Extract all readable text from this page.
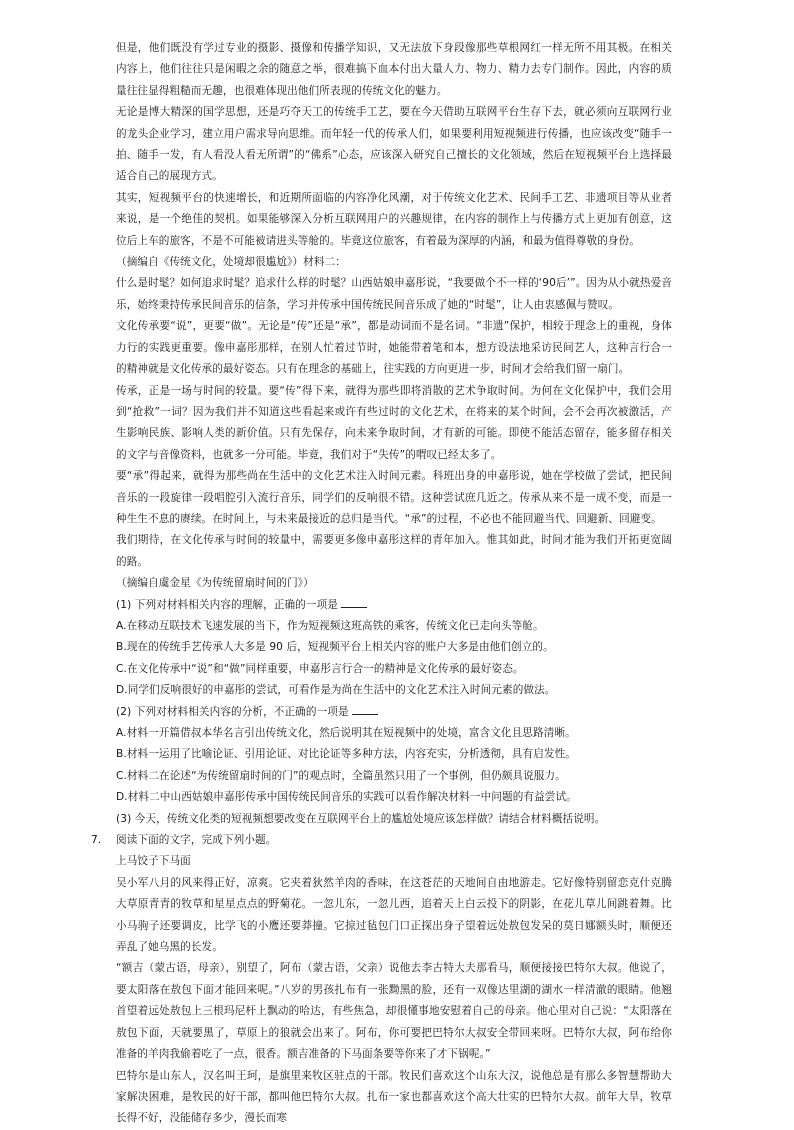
但是，他们既没有学过专业的摄影、摄像和传播学知识，又无法放下身段像那些草根网红一样无所不用其极。在相关内容上，他们往往只是闲暇之余的随意之举，很难搞下血本付出大量人力、物力、精力去专门制作。因此，内容的质量往往显得粗糙而无趣，也很难体现出他们所表现的传统文化的魅力。

无论是博大精深的国学思想，还是巧夺天工的传统手工艺，要在今天借助互联网平台生存下去，就必须向互联网行业的龙头企业学习，建立用户需求导向思维。而年轻一代的传承人们，如果要利用短视频进行传播，也应该改变“随手一拍、随手一发，有人看没人看无所谓”的“佛系”心态，应该深入研究自己擅长的文化领域，然后在短视频平台上选择最适合自己的展现方式。

其实，短视频平台的快速增长，和近期所面临的内容净化风潮，对于传统文化艺术、民间手工艺、非遗项目等从业者来说，是一个绝佳的契机。如果能够深入分析互联网用户的兴趣规律，在内容的制作上与传播方式上更加有创意，这位后上车的旅客，不是不可能被请进头等舱的。毕竟这位旅客，有着最为深厚的内涵，和最为值得尊敬的身份。

（摘编自《传统文化，处境却很尴尬》）材料二：

什么是时髦？如何追求时髦？追求什么样的时髦？山西姑娘申嘉彤说，“我要做个不一样的‘90后’”。因为从小就热爱音乐，始终秉持传承民间音乐的信条，学习并传承中国传统民间音乐成了她的“时髦”，让人由衷感佩与赞叹。

文化传承要“说”，更要“做”。无论是“传”还是“承”，都是动词而不是名词。“非遗”保护，相较于理念上的重视，身体力行的实践更重要。像申嘉彤那样，在别人忙着过节时，她能带着笔和本，想方设法地采访民间艺人，这种言行合一的精神就是文化传承的最好姿态。只有在理念的基础上，往实践的方向更进一步，时间才会给我们留一扇门。

传承，正是一场与时间的较量。要“传”得下来，就得为那些即将消散的艺术争取时间。为何在文化保护中，我们会用到“抢救”一词？因为我们并不知道这些看起来或许有些过时的文化艺术，在将来的某个时间，会不会再次被激活，产生影响民族、影响人类的新价值。只有先保存，向未来争取时间，才有新的可能。即使不能活态留存，能多留存相关的文字与音像资料，也就多一分可能。毕竟，我们对于“失传”的喟叹已经太多了。

要“承”得起来，就得为那些尚在生活中的文化艺术注入时间元素。科班出身的申嘉彤说，她在学校做了尝试，把民间音乐的一段旋律一段唱腔引入流行音乐，同学们的反响很不错。这种尝试庶几近之。传承从来不是一成不变，而是一种生生不息的赓续。在时间上，与未来最接近的总归是当代。“承”的过程，不必也不能回避当代、回避新、回避变。

我们期待，在文化传承与时间的较量中，需要更多像申嘉彤这样的青年加入。惟其如此，时间才能为我们开拓更宽阔的路。

（摘编自虞金星《为传统留扇时间的门》）

(1) 下列对材料相关内容的理解，正确的一项是

A.在移动互联技术飞速发展的当下，作为短视频这班高铁的乘客，传统文化已走向头等舱。

B.现在的传统手艺传承人大多是 90 后，短视频平台上相关内容的账户大多是由他们创立的。

C.在文化传承中“说”和“做”同样重要，申嘉彤言行合一的精神是文化传承的最好姿态。

D.同学们反响很好的申嘉彤的尝试，可看作是为尚在生活中的文化艺术注入时间元素的做法。

(2) 下列对材料相关内容的分析，不正确的一项是

A.材料一开篇借叔本华名言引出传统文化，然后说明其在短视频中的处境，富含文化且思路清晰。

B.材料一运用了比喻论证、引用论证、对比论证等多种方法，内容充实，分析透彻，具有启发性。

C.材料二在论述“为传统留扇时间的门”的观点时，全篇虽然只用了一个事例，但仍颇具说服力。

D.材料二中山西姑娘申嘉彤传承中国传统民间音乐的实践可以看作解决材料一中问题的有益尝试。

(3) 今天，传统文化类的短视频想要改变在互联网平台上的尴尬处境应该怎样做？请结合材料概括说明。

7. 阅读下面的文字，完成下列小题。

上马饺子下马面

吴小军八月的风来得正好，凉爽。它夹着狄然羊肉的香味，在这苍茫的天地间自由地游走。它好像特别留恋克什克腾大草原青青的牧草和星星点点的野菊花。一忽儿东，一忽儿西，追着天上白云投下的阴影，在花儿草儿间跳着舞。比小马驹子还要调皮，比学飞的小鹰还要莽撞。它掠过毡包门口正探出身子望着远处敖包发呆的莫日娜额头时，顺便还弄乱了她乌黑的长发。

“额吉（蒙古语，母亲），别望了，阿布（蒙古语，父亲）说他去李古特大夫那看马，顺便接接巴特尔大叔。他说了，要太阳落在敖包下面才能回来呢。”八岁的男孩扎布有一张黝黑的脸，还有一双像达里湖的湖水一样清澈的眼睛。他翘首望着远处敖包上三根玛尼杆上飘动的哈达，有些焦急，却很懂事地安慰着自己的母亲。他心里对自己说：“太阳落在敖包下面，天就要黑了，草原上的狼就会出来了。阿布，你可要把巴特尔大叔安全带回来呀。巴特尔大叔，阿布给你准备的羊肉我偷着吃了一点，很香。额吉准备的下马面条要等你来了才下锅呢。”

巴特尔是山东人，汉名叫王珂，是旗里来牧区驻点的干部。牧民们喜欢这个山东大汉，说他总是有那么多智慧帮助大家解决困难，是牧民的好干部，都叫他巴特尔大叔。扎布一家也都喜欢这个高大壮实的巴特尔大叔。前年大旱，牧草长得不好，没能储存多少，漫长而寒
